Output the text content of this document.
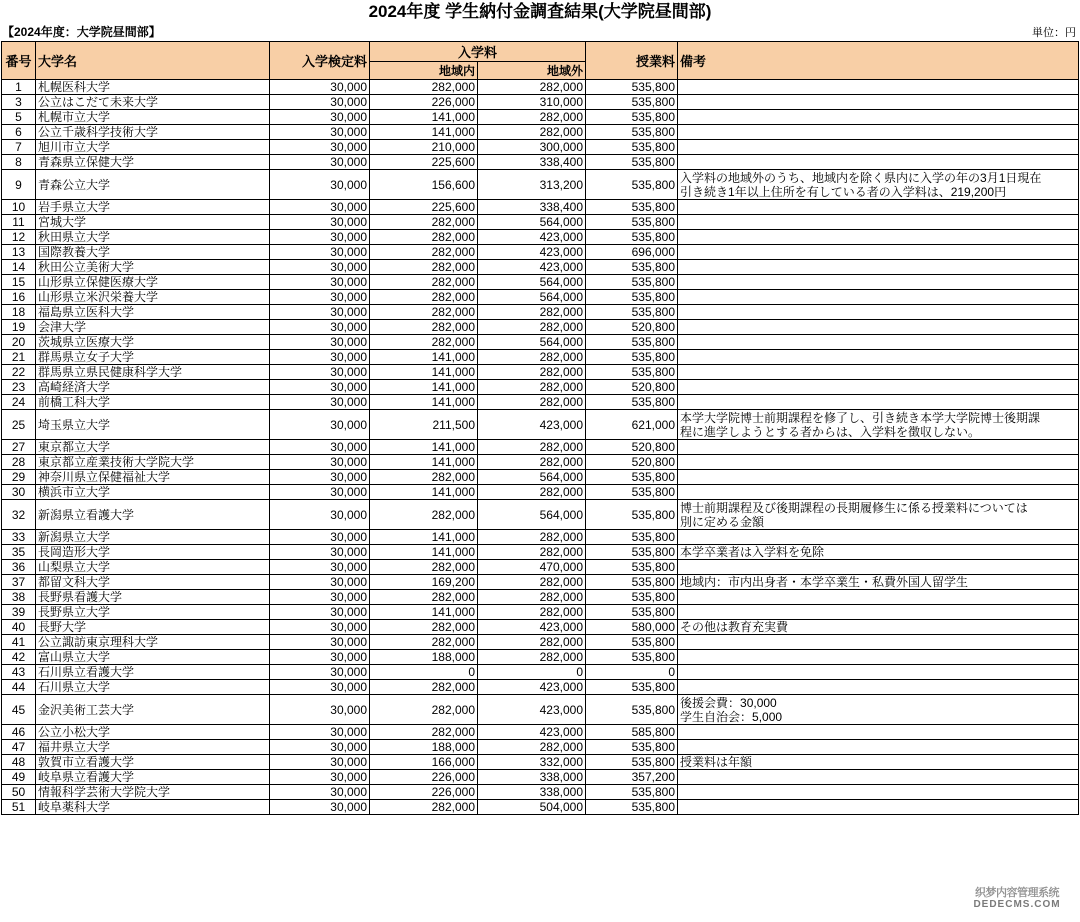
2024年度 学生納付金調査結果(大学院昼間部)
【2024年度：大学院昼間部】	単位：円
番号	大学名	入学検定料	入学料		授業料	備考
			地域内	地域外		
1	札幌医科大学	30,000	282,000	282,000	535,800	

3	公立はこだて未来大学	30,000	226,000	310,000	535,800	

5	札幌市立大学	30,000	141,000	282,000	535,800	

6	公立千歳科学技術大学	30,000	141,000	282,000	535,800	

7	旭川市立大学	30,000	210,000	300,000	535,800	

8	青森県立保健大学	30,000	225,600	338,400	535,800	

9	青森公立大学	30,000	156,600	313,200	535,800	入学料の地域外のうち、地域内を除く県内に入学の年の3月1日現在
引き続き1年以上住所を有している者の入学料は、219,200円

10	岩手県立大学	30,000	225,600	338,400	535,800	

11	宮城大学	30,000	282,000	564,000	535,800	

12	秋田県立大学	30,000	282,000	423,000	535,800	

13	国際教養大学	30,000	282,000	423,000	696,000	

14	秋田公立美術大学	30,000	282,000	423,000	535,800	

15	山形県立保健医療大学	30,000	282,000	564,000	535,800	

16	山形県立米沢栄養大学	30,000	282,000	564,000	535,800	

18	福島県立医科大学	30,000	282,000	282,000	535,800	

19	会津大学	30,000	282,000	282,000	520,800	

20	茨城県立医療大学	30,000	282,000	564,000	535,800	

21	群馬県立女子大学	30,000	141,000	282,000	535,800	

22	群馬県立県民健康科学大学	30,000	141,000	282,000	535,800	

23	高崎経済大学	30,000	141,000	282,000	520,800	

24	前橋工科大学	30,000	141,000	282,000	535,800	

25	埼玉県立大学	30,000	211,500	423,000	621,000	本学大学院博士前期課程を修了し、引き続き本学大学院博士後期課
程に進学しようとする者からは、入学料を徴収しない。

27	東京都立大学	30,000	141,000	282,000	520,800	

28	東京都立産業技術大学院大学	30,000	141,000	282,000	520,800	

29	神奈川県立保健福祉大学	30,000	282,000	564,000	535,800	

30	横浜市立大学	30,000	141,000	282,000	535,800	

32	新潟県立看護大学	30,000	282,000	564,000	535,800	博士前期課程及び後期課程の長期履修生に係る授業料については
別に定める金額

33	新潟県立大学	30,000	141,000	282,000	535,800	

35	長岡造形大学	30,000	141,000	282,000	535,800	本学卒業者は入学料を免除

36	山梨県立大学	30,000	282,000	470,000	535,800	

37	都留文科大学	30,000	169,200	282,000	535,800	地域内：市内出身者・本学卒業生・私費外国人留学生

38	長野県看護大学	30,000	282,000	282,000	535,800	

39	長野県立大学	30,000	141,000	282,000	535,800	

40	長野大学	30,000	282,000	423,000	580,000	その他は教育充実費

41	公立諏訪東京理科大学	30,000	282,000	282,000	535,800	

42	富山県立大学	30,000	188,000	282,000	535,800	

43	石川県立看護大学	30,000	0	0	0	

44	石川県立大学	30,000	282,000	423,000	535,800	

45	金沢美術工芸大学	30,000	282,000	423,000	535,800	後援会費：30,000
学生自治会：5,000

46	公立小松大学	30,000	282,000	423,000	585,800	

47	福井県立大学	30,000	188,000	282,000	535,800	

48	敦賀市立看護大学	30,000	166,000	332,000	535,800	授業料は年額

49	岐阜県立看護大学	30,000	226,000	338,000	357,200	

50	情報科学芸術大学院大学	30,000	226,000	338,000	535,800	

51	岐阜薬科大学	30,000	282,000	504,000	535,800	
织梦内容管理系统
DEDECMS.COM
